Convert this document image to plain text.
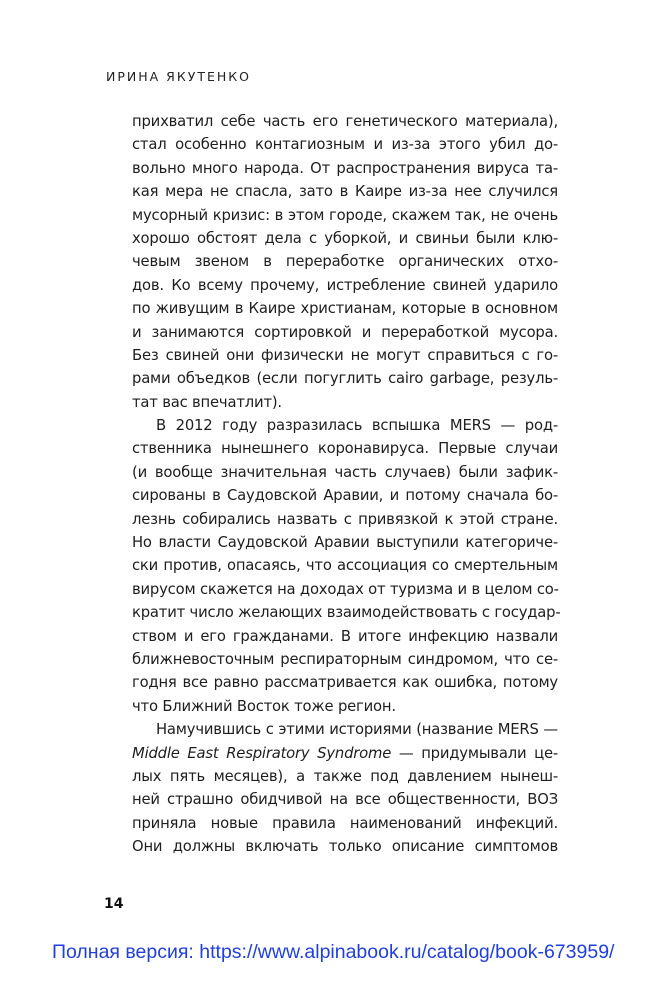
ИРИНА ЯКУТЕНКО
прихватил себе часть его генетического материала),
стал особенно контагиозным и из-за этого убил до-
вольно много народа. От распространения вируса та-
кая мера не спасла, зато в Каире из-за нее случился
мусорный кризис: в этом городе, скажем так, не очень
хорошо обстоят дела с уборкой, и свиньи были клю-
чевым звеном в переработке органических отхо-
дов. Ко всему прочему, истребление свиней ударило
по живущим в Каире христианам, которые в основном
и занимаются сортировкой и переработкой мусора.
Без свиней они физически не могут справиться с го-
рами объедков (если погуглить cairo garbage, резуль-
тат вас впечатлит).
В 2012 году разразилась вспышка MERS — род-
ственника нынешнего коронавируса. Первые случаи
(и вообще значительная часть случаев) были зафик-
сированы в Саудовской Аравии, и потому сначала бо-
лезнь собирались назвать с привязкой к этой стране.
Но власти Саудовской Аравии выступили категориче-
ски против, опасаясь, что ассоциация со смертельным
вирусом скажется на доходах от туризма и в целом со-
кратит число желающих взаимодействовать с государ-
ством и его гражданами. В итоге инфекцию назвали
ближневосточным респираторным синдромом, что се-
годня все равно рассматривается как ошибка, потому
что Ближний Восток тоже регион.
Намучившись с этими историями (название MERS —
Middle East Respiratory Syndrome — придумывали це-
лых пять месяцев), а также под давлением нынеш-
ней страшно обидчивой на все общественности, ВОЗ
приняла новые правила наименований инфекций.
Они должны включать только описание симптомов
14
Полная версия: https://www.alpinabook.ru/catalog/book-673959/
